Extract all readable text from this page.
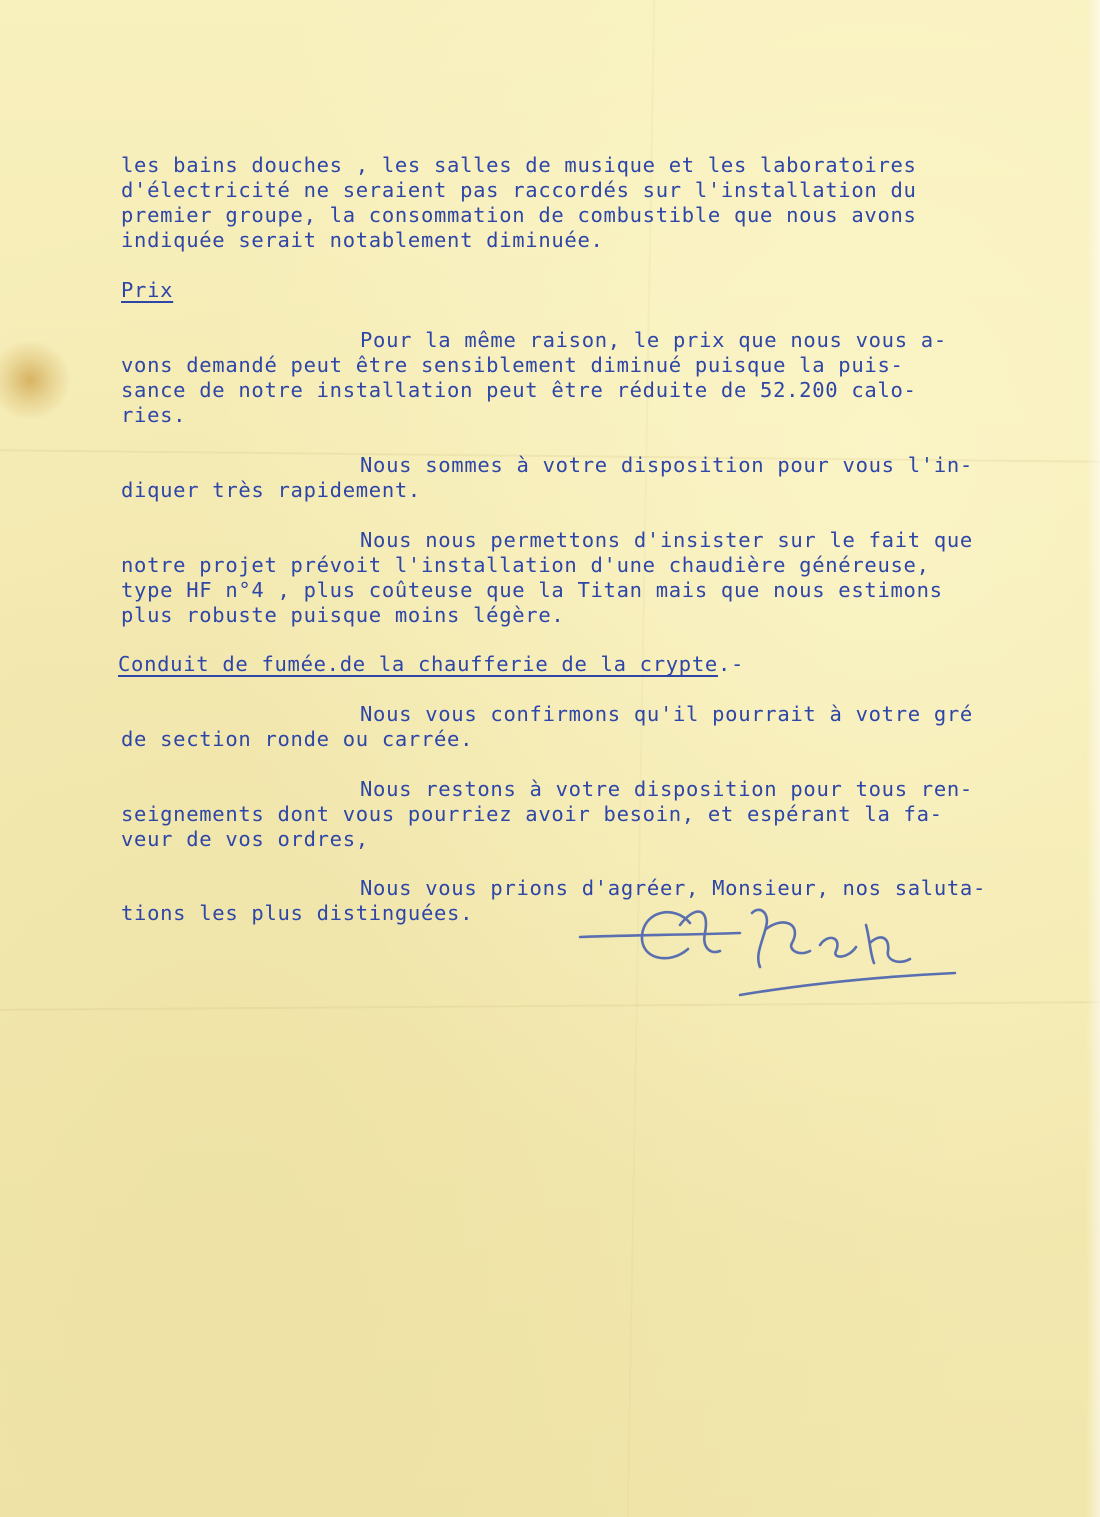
les bains douches , les salles de musique et les laboratoires

d'électricité ne seraient pas raccordés sur l'installation du

premier groupe, la consommation de combustible que nous avons

indiquée serait notablement diminuée.

Prix

Pour la même raison, le prix que nous vous a-

vons demandé peut être sensiblement diminué puisque la puis-

sance de notre installation peut être réduite de 52.200 calo-

ries.

Nous sommes à votre disposition pour vous l'in-

diquer très rapidement.

Nous nous permettons d'insister sur le fait que

notre projet prévoit l'installation d'une chaudière généreuse,

type HF n°4 , plus coûteuse que la Titan mais que nous estimons

plus robuste puisque moins légère.

Conduit de fumée.de la chaufferie de la crypte.-

Nous vous confirmons qu'il pourrait à votre gré

de section ronde ou carrée.

Nous restons à votre disposition pour tous ren-

seignements dont vous pourriez avoir besoin, et espérant la fa-

veur de vos ordres,

Nous vous prions d'agréer, Monsieur, nos saluta-

tions les plus distinguées.
